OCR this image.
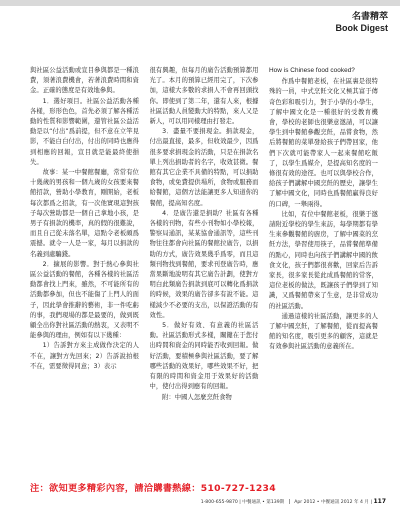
名書精萃
Book Digest

與社區公益活動或宣目參與都是一種浪費，須著浪費機會，若著浪費時間和資金。正確的態度是有效地參與。

1．選好項目。社區公益活動各種各樣，形形色色，首先必須了解各種活動的性質和影響範圍，還管社區公益活動是以“付出”爲前提，但不意在立竿見影，不能白白付出，付出的同時也應得到相應的回報，宣目就是能最終使損失。

故事：某一中餐館餐廳，常常有位十幾歲的男孩和一個九歲的女孩要來餐館招款，營助小學教育，剛開始，老板每次都爲之招款，有一次他實現這對孩子每次營助都是一個自己拿地小孩，是男子有捐款的機率，真的假的很難說，而且自己從未落名單，這點令老板頗爲震撼。就令一人是一家，每月以捐款的名義到處騙錢。

2．擴展的影響。對于熱心參與社區公益活動的餐館，各種各樣的社區活動都會找上門來，雖然，不可能所有的活動都參加，但也不能傷了上門人的面子，因此學會推辭的藝術，非一件吃虧的事，我們現場的都是最要的，做到既顧全出你對社區活動的熱衷，又表明不能參與的理由，例如有以下幾種：

1）告訴對方來主成做作決定的人不在，讓對方先回來；2）告訴說拍根不在，需要徵得同意；3）表示

很有興趣，但每月的廣告活動預算都用光了。本月的預算已經用完了，下次参加，這樣大多數的求捐人不會再回頭找你。即使到了第二年，還有人來，根據社區活動人員變動大的特點，來人又是新人，可以用同樣理由打發走。

3．盡量不要捐現金。捐款現金，付出最直接，最多，但收效最少，因爲很多要求捐現金的活動，只是在捐款名單上列出捐助者的名字，收效甚微。餐館有其它企業不具備的特點，可以捐助食物，或免費提供場所，食物或服務而給餐館，這個方法能讓更多人知道你的餐館，提高知名度。

4．是廣告還是捐助？社區有各種各樣的刊物，有些小刊物如小學校報，警察局通訊，某某協會通訊等，這些刊物往往都會向社區的餐館拉廣告，以捐助的方式，廣告效果幾乎爲零，而且這類刊物找到餐館，要求刊登廣告時，應當果斷地說明有其它廣告計劃，使對方明白此類廣告捐款到底可以轉化爲捐款的時候，效果的廣告卻多有說不能。這樣減少不必要的支出，以保證活動的有效性。

5．做好有效、有意義的社區活動。社區活動形式多樣，關鍵在于您付出時間和資金的同時能否收到回報。做好活動，要積極參與社區活動，要了解哪些活動的效果好，哪些效果不好，把有限的時間和資金用于效果好的活動中，使付出得到應有的回報。

附：中國人怎麼烹飪食物

How is Chinese food cooked?

作爲中餐館老板，在社區裏是很特殊的一員，中式烹飪文化又極其富于傳奇色彩和吸引力，對于小學的小學生，了解中國文化是一種很好的受教育機會，學校的老師也很樂意邀請，可以讓學生到中餐館參觀烹飪，品嘗食物，然后將餐館的菜單發給孩子們帶回家，他們下次就可能帶家人一起來餐館吃飯了，以學生爲媒介，是提高知名度的一條很有效的途徑。也可以與學校合作，給孩子們講解中國烹飪的歷史，讓學生了解中國文化，同時也爲餐館贏得良好的口碑，一舉兩得。

比如，有位中餐館老板，很樂于邀請附近學校的學生來訪，每學期都有學生來參觀餐館的廚房，了解中國菜的烹飪方法，學習使用筷子，品嘗餐館準備的點心，同時也向孩子們講解中國的飲食文化，孩子們都很喜歡，回家后告訴家長，很多家長從此成爲餐館的常客，這位老板的做法，既讓孩子們學到了知識，又爲餐館帶來了生意，是非常成功的社區活動。

通過這樣的社區活動，讓更多的人了解中國烹飪，了解餐館，從而提高餐館的知名度，吸引更多的顧客，這就是有效參與社區活動的意義所在。

注：欲知更多精彩內容，請洽購書熱線：510-727-1234
1-800-655-9870 | 中餐通訊 • 第139期 Apr 2012 • 中餐通訊 2012 年 4 月 | 117
